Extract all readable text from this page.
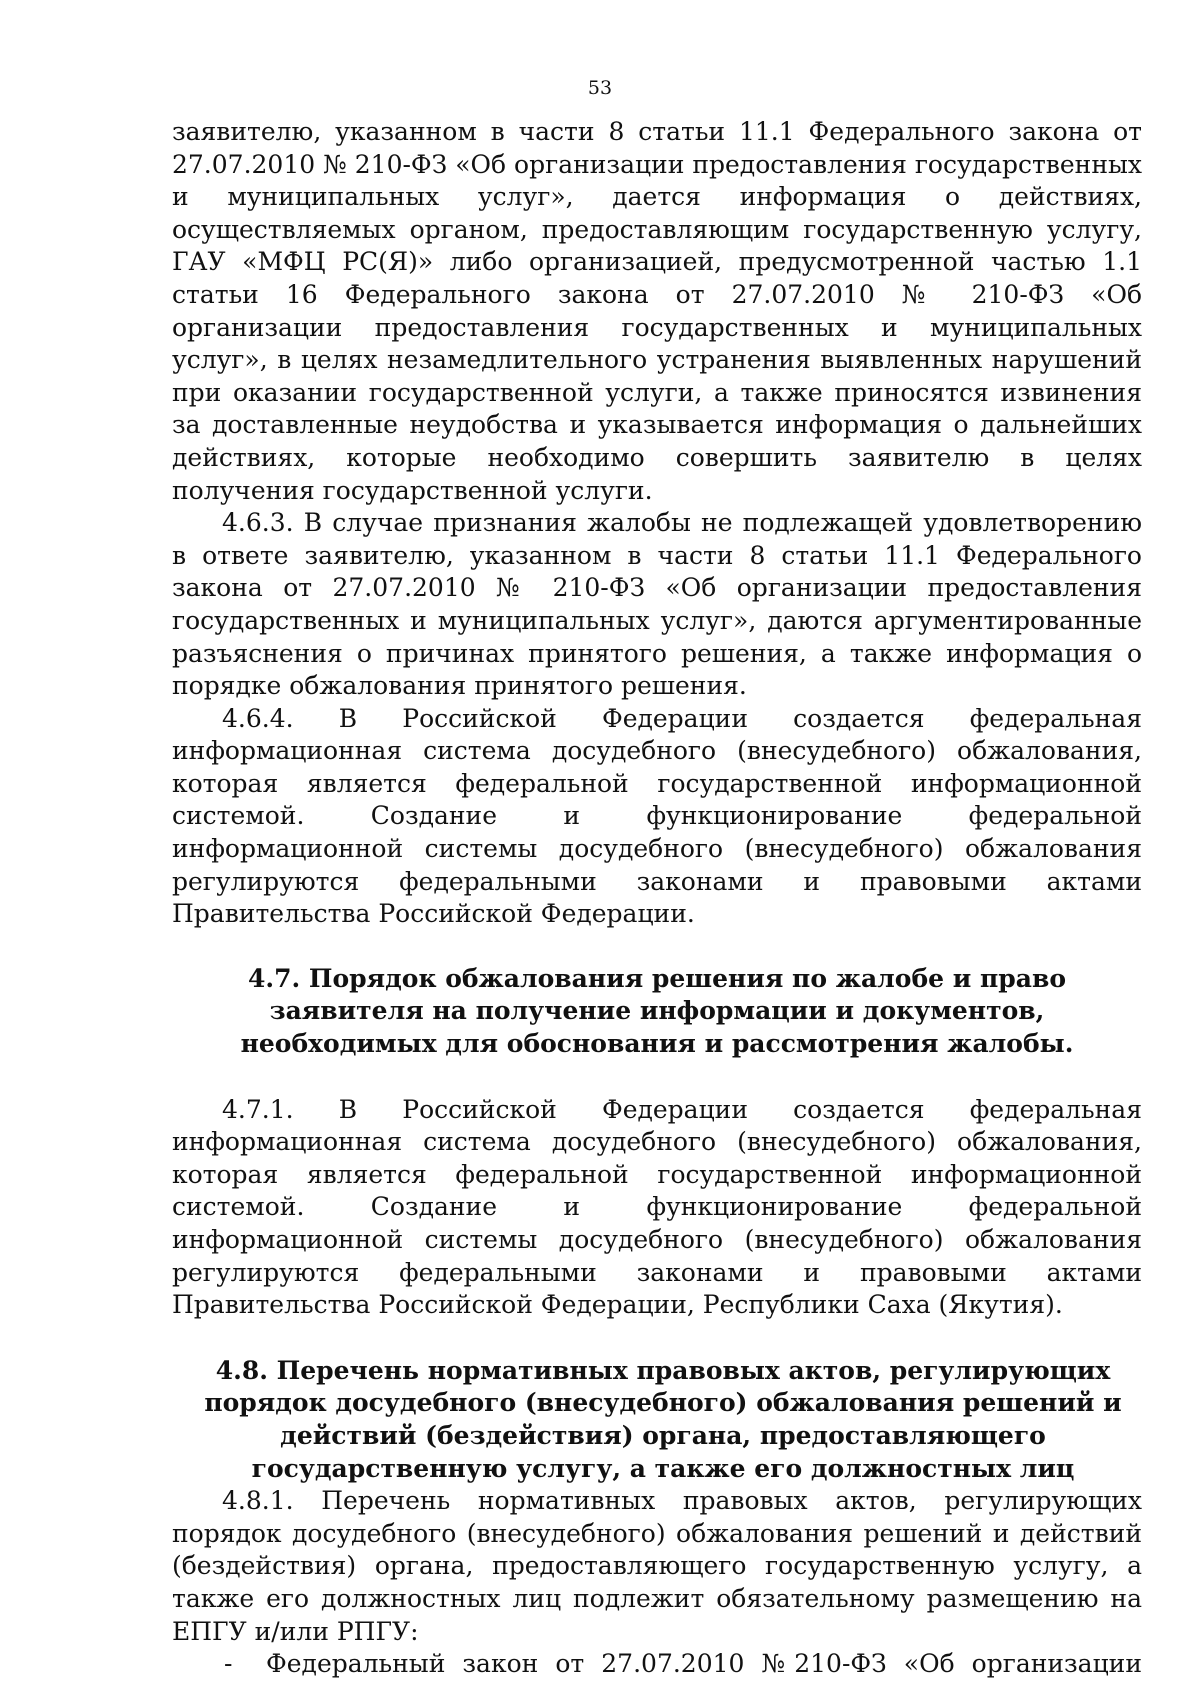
53

заявителю, указанном в части 8 статьи 11.1 Федерального закона от 27.07.2010 № 210-ФЗ «Об организации предоставления государственных и муниципальных услуг», дается информация о действиях, осуществляемых органом, предоставляющим государственную услугу, ГАУ «МФЦ РС(Я)» либо организацией, предусмотренной частью 1.1 статьи 16 Федерального закона от 27.07.2010 № 210-ФЗ «Об организации предоставления государственных и муниципальных услуг», в целях незамедлительного устранения выявленных нарушений при оказании государственной услуги, а также приносятся извинения за доставленные неудобства и указывается информация о дальнейших действиях, которые необходимо совершить заявителю в целях получения государственной услуги.

4.6.3. В случае признания жалобы не подлежащей удовлетворению в ответе заявителю, указанном в части 8 статьи 11.1 Федерального закона от 27.07.2010 № 210-ФЗ «Об организации предоставления государственных и муниципальных услуг», даются аргументированные разъяснения о причинах принятого решения, а также информация о порядке обжалования принятого решения.

4.6.4. В Российской Федерации создается федеральная информационная система досудебного (внесудебного) обжалования, которая является федеральной государственной информационной системой. Создание и функционирование федеральной информационной системы досудебного (внесудебного) обжалования регулируются федеральными законами и правовыми актами Правительства Российской Федерации.

4.7. Порядок обжалования решения по жалобе и право заявителя на получение информации и документов, необходимых для обоснования и рассмотрения жалобы.

4.7.1. В Российской Федерации создается федеральная информационная система досудебного (внесудебного) обжалования, которая является федеральной государственной информационной системой. Создание и функционирование федеральной информационной системы досудебного (внесудебного) обжалования регулируются федеральными законами и правовыми актами Правительства Российской Федерации, Республики Саха (Якутия).

4.8. Перечень нормативных правовых актов, регулирующих порядок досудебного (внесудебного) обжалования решений и действий (бездействия) органа, предоставляющего государственную услугу, а также его должностных лиц

4.8.1. Перечень нормативных правовых актов, регулирующих порядок досудебного (внесудебного) обжалования решений и действий (бездействия) органа, предоставляющего государственную услугу, а также его должностных лиц подлежит обязательному размещению на ЕПГУ и/или РПГУ:

-	Федеральный закон от 27.07.2010 №210-ФЗ «Об организации
